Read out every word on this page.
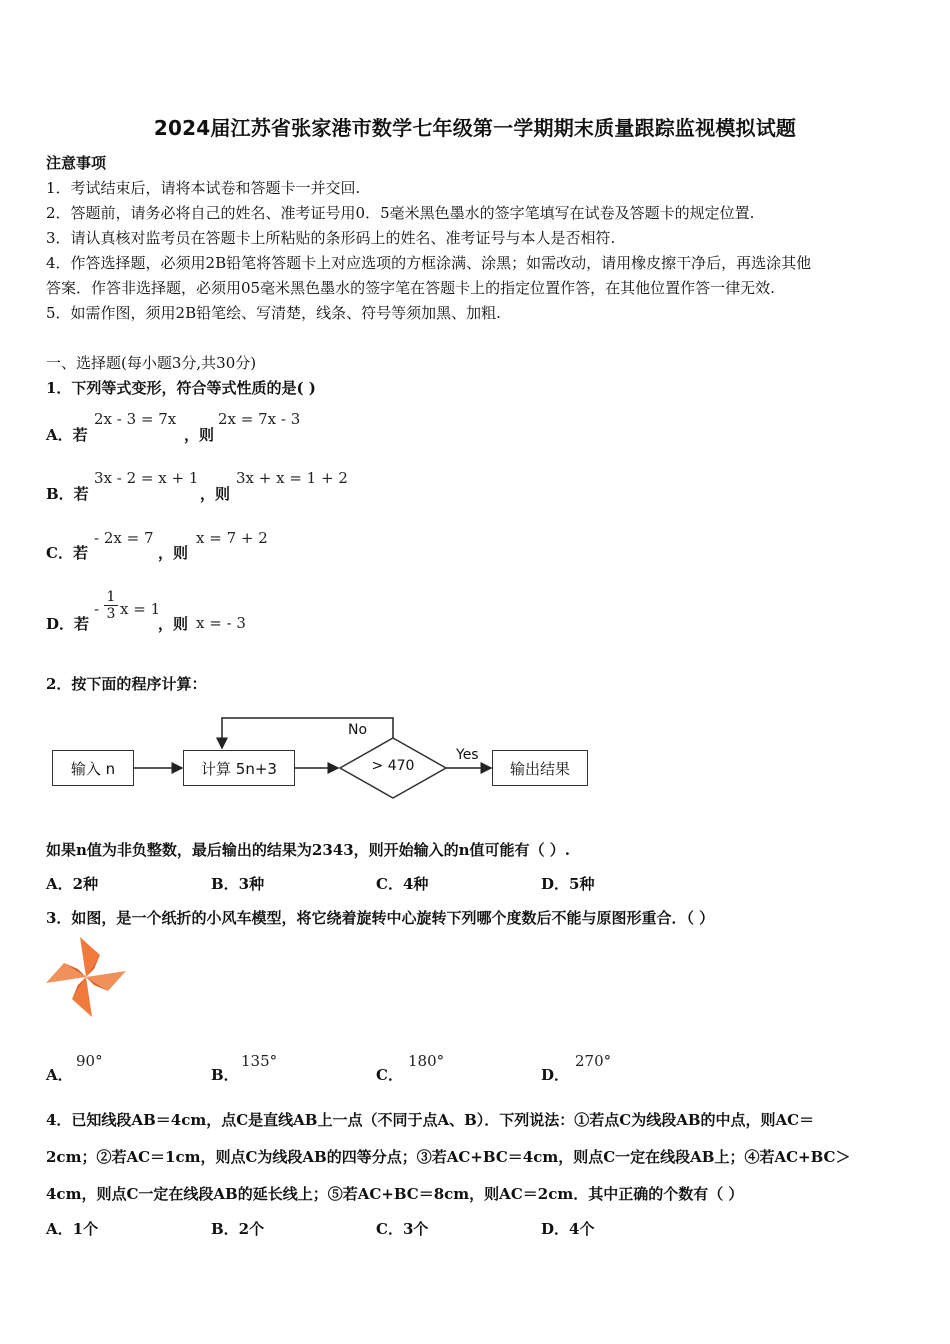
2024届江苏省张家港市数学七年级第一学期期末质量跟踪监视模拟试题
注意事项
1．考试结束后，请将本试卷和答题卡一并交回.
2．答题前，请务必将自己的姓名、准考证号用0．5毫米黑色墨水的签字笔填写在试卷及答题卡的规定位置.
3．请认真核对监考员在答题卡上所粘贴的条形码上的姓名、准考证号与本人是否相符.
4．作答选择题，必须用2B铅笔将答题卡上对应选项的方框涂满、涂黑；如需改动，请用橡皮擦干净后，再选涂其他
答案．作答非选择题，必须用05毫米黑色墨水的签字笔在答题卡上的指定位置作答，在其他位置作答一律无效.
5．如需作图，须用2B铅笔绘、写清楚，线条、符号等须加黑、加粗.
一、选择题(每小题3分,共30分)
1．下列等式变形，符合等式性质的是( )
A．若
2x - 3 = 7x
，则
2x = 7x - 3
B．若
3x - 2 = x + 1
，则
3x + x = 1 + 2
C．若
- 2x = 7
，则
x = 7 + 2
D．若
- $\frac{1}{3}$ x = 1
，则 x = - 3
2．按下面的程序计算：
输入 n	计算 5n+3	> 470
No
Yes
输出结果
如果n值为非负整数，最后输出的结果为2343，则开始输入的n值可能有（ ）.
A．2种	B．3种	C．4种	D．5种
3．如图，是一个纸折的小风车模型，将它绕着旋转中心旋转下列哪个度数后不能与原图形重合．（ ）
A．
90°
B．
135°
C．
180°
D．
270°
4．已知线段AB＝4cm，点C是直线AB上一点（不同于点A、B）．下列说法：①若点C为线段AB的中点，则AC＝
2cm；②若AC＝1cm，则点C为线段AB的四等分点；③若AC+BC＝4cm，则点C一定在线段AB上；④若AC+BC＞
4cm，则点C一定在线段AB的延长线上；⑤若AC+BC＝8cm，则AC＝2cm．其中正确的个数有（ ）
A．1个	B．2个	C．3个	D．4个
